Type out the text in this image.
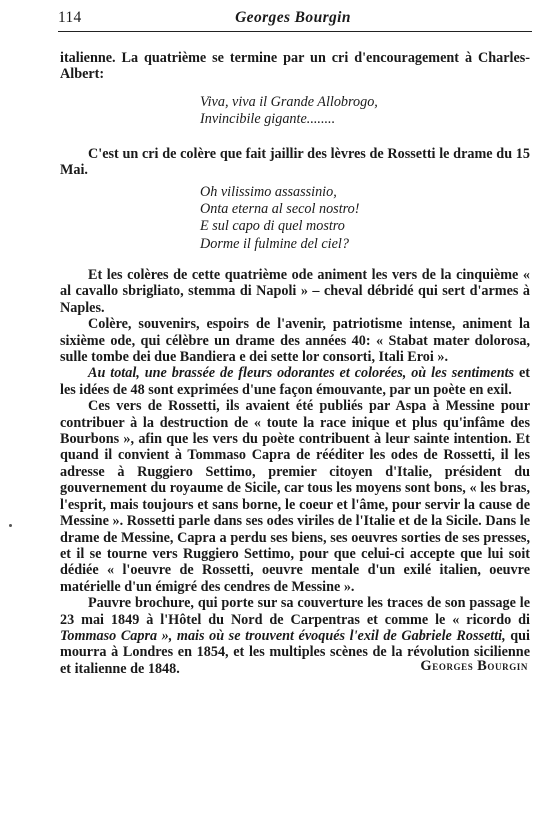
114	Georges Bourgin

italienne. La quatrième se termine par un cri d'encouragement à Charles-Albert:

Viva, viva il Grande Allobrogo,
Invincibile gigante........

C'est un cri de colère que fait jaillir des lèvres de Rossetti le drame du 15 Mai.

Oh vilissimo assassinio,
Onta eterna al secol nostro!
E sul capo di quel mostro
Dorme il fulmine del ciel?

Et les colères de cette quatrième ode animent les vers de la cinquième « al cavallo sbrigliato, stemma di Napoli » – cheval débridé qui sert d'armes à Naples.

Colère, souvenirs, espoirs de l'avenir, patriotisme intense, animent la sixième ode, qui célèbre un drame des années 40: « Stabat mater dolorosa, sulle tombe dei due Bandiera e dei sette lor consorti, Itali Eroi ».

Au total, une brassée de fleurs odorantes et colorées, où les sentiments et les idées de 48 sont exprimées d'une façon émouvante, par un poète en exil.

Ces vers de Rossetti, ils avaient été publiés par Aspa à Messine pour contribuer à la destruction de « toute la race inique et plus qu'infâme des Bourbons », afin que les vers du poète contribuent à leur sainte intention. Et quand il convient à Tommaso Capra de rééditer les odes de Rossetti, il les adresse à Ruggiero Settimo, premier citoyen d'Italie, président du gouvernement du royaume de Sicile, car tous les moyens sont bons, « les bras, l'esprit, mais toujours et sans borne, le coeur et l'âme, pour servir la cause de Messine ». Rossetti parle dans ses odes viriles de l'Italie et de la Sicile. Dans le drame de Messine, Capra a perdu ses biens, ses oeuvres sorties de ses presses, et il se tourne vers Ruggiero Settimo, pour que celui-ci accepte que lui soit dédiée « l'oeuvre de Rossetti, oeuvre mentale d'un exilé italien, oeuvre matérielle d'un émigré des cendres de Messine ».

Pauvre brochure, qui porte sur sa couverture les traces de son passage le 23 mai 1849 à l'Hôtel du Nord de Carpentras et comme le « ricordo di Tommaso Capra », mais où se trouvent évoqués l'exil de Gabriele Rossetti, qui mourra à Londres en 1854, et les multiples scènes de la révolution sicilienne et italienne de 1848.	Georges Bourgin
